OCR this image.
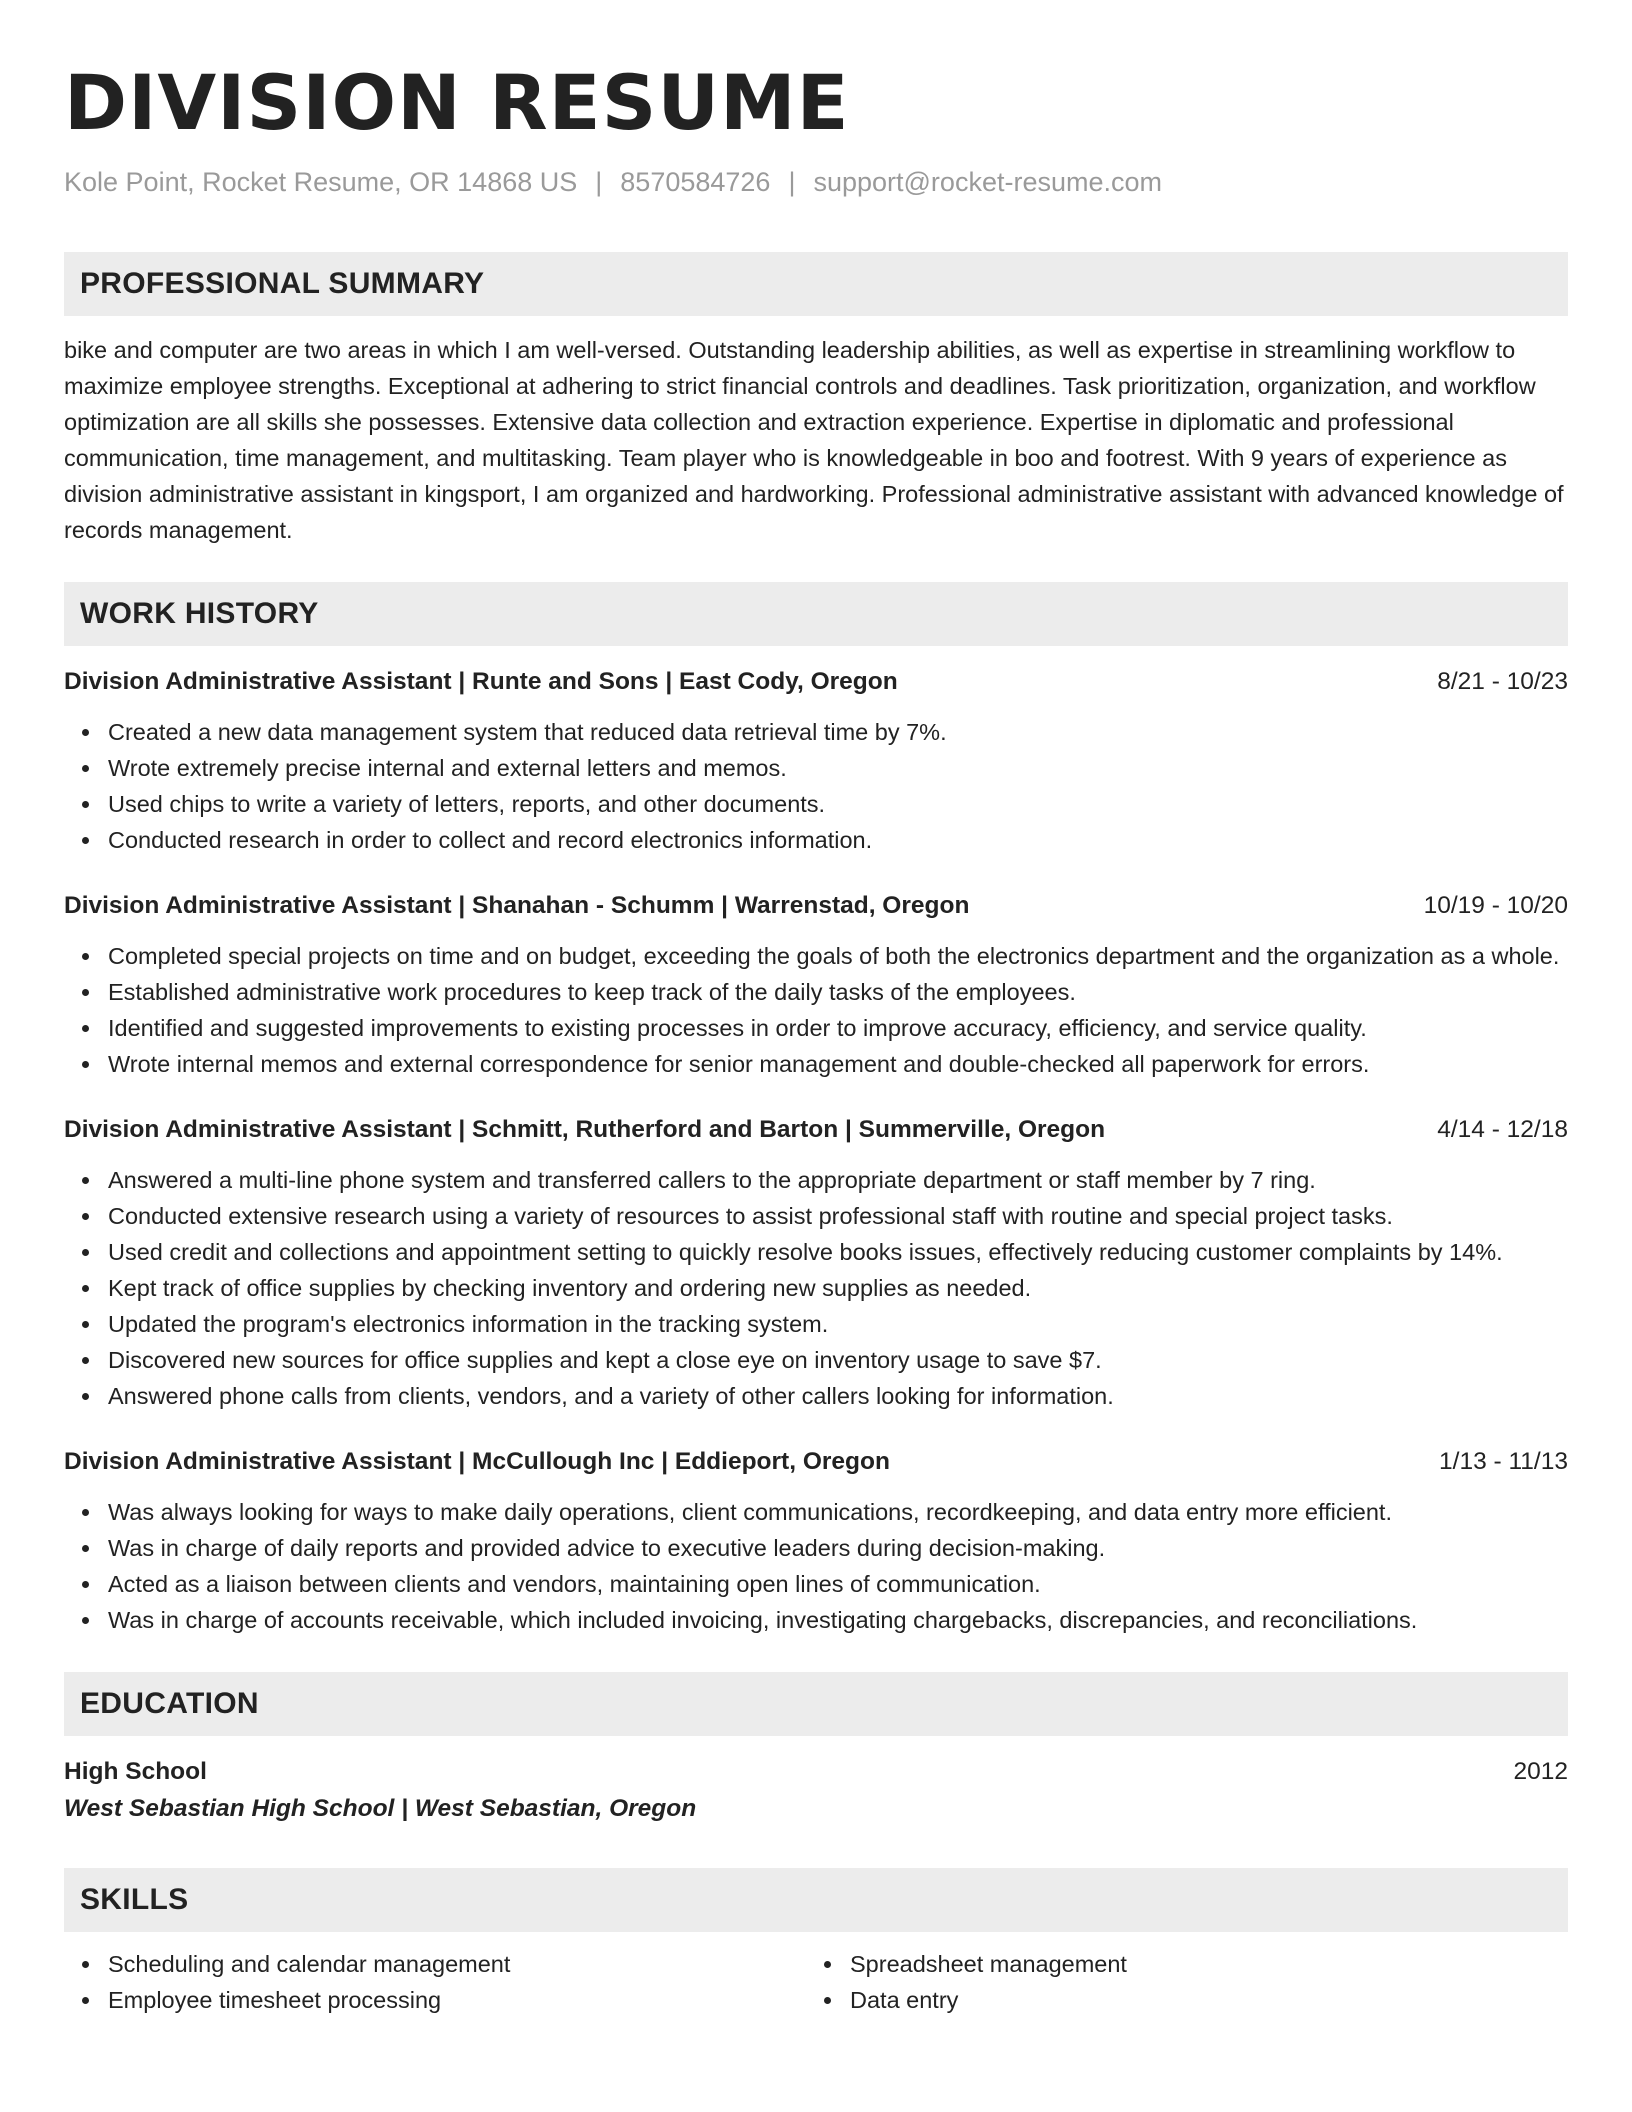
DIVISION RESUME
Kole Point, Rocket Resume, OR 14868 US | 8570584726 | support@rocket-resume.com
PROFESSIONAL SUMMARY

bike and computer are two areas in which I am well-versed. Outstanding leadership abilities, as well as expertise in streamlining workflow to maximize employee strengths. Exceptional at adhering to strict financial controls and deadlines. Task prioritization, organization, and workflow optimization are all skills she possesses. Extensive data collection and extraction experience. Expertise in diplomatic and professional communication, time management, and multitasking. Team player who is knowledgeable in boo and footrest. With 9 years of experience as division administrative assistant in kingsport, I am organized and hardworking. Professional administrative assistant with advanced knowledge of records management.

WORK HISTORY
Division Administrative Assistant | Runte and Sons | East Cody, Oregon	8/21 - 10/23
Created a new data management system that reduced data retrieval time by 7%.
Wrote extremely precise internal and external letters and memos.
Used chips to write a variety of letters, reports, and other documents.
Conducted research in order to collect and record electronics information.
Division Administrative Assistant | Shanahan - Schumm | Warrenstad, Oregon	10/19 - 10/20
Completed special projects on time and on budget, exceeding the goals of both the electronics department and the organization as a whole.
Established administrative work procedures to keep track of the daily tasks of the employees.
Identified and suggested improvements to existing processes in order to improve accuracy, efficiency, and service quality.
Wrote internal memos and external correspondence for senior management and double-checked all paperwork for errors.
Division Administrative Assistant | Schmitt, Rutherford and Barton | Summerville, Oregon	4/14 - 12/18
Answered a multi-line phone system and transferred callers to the appropriate department or staff member by 7 ring.
Conducted extensive research using a variety of resources to assist professional staff with routine and special project tasks.
Used credit and collections and appointment setting to quickly resolve books issues, effectively reducing customer complaints by 14%.
Kept track of office supplies by checking inventory and ordering new supplies as needed.
Updated the program's electronics information in the tracking system.
Discovered new sources for office supplies and kept a close eye on inventory usage to save $7.
Answered phone calls from clients, vendors, and a variety of other callers looking for information.
Division Administrative Assistant | McCullough Inc | Eddieport, Oregon	1/13 - 11/13
Was always looking for ways to make daily operations, client communications, recordkeeping, and data entry more efficient.
Was in charge of daily reports and provided advice to executive leaders during decision-making.
Acted as a liaison between clients and vendors, maintaining open lines of communication.
Was in charge of accounts receivable, which included invoicing, investigating chargebacks, discrepancies, and reconciliations.
EDUCATION
High School	2012
West Sebastian High School | West Sebastian, Oregon
SKILLS
Scheduling and calendar management
Employee timesheet processing
Spreadsheet management
Data entry
